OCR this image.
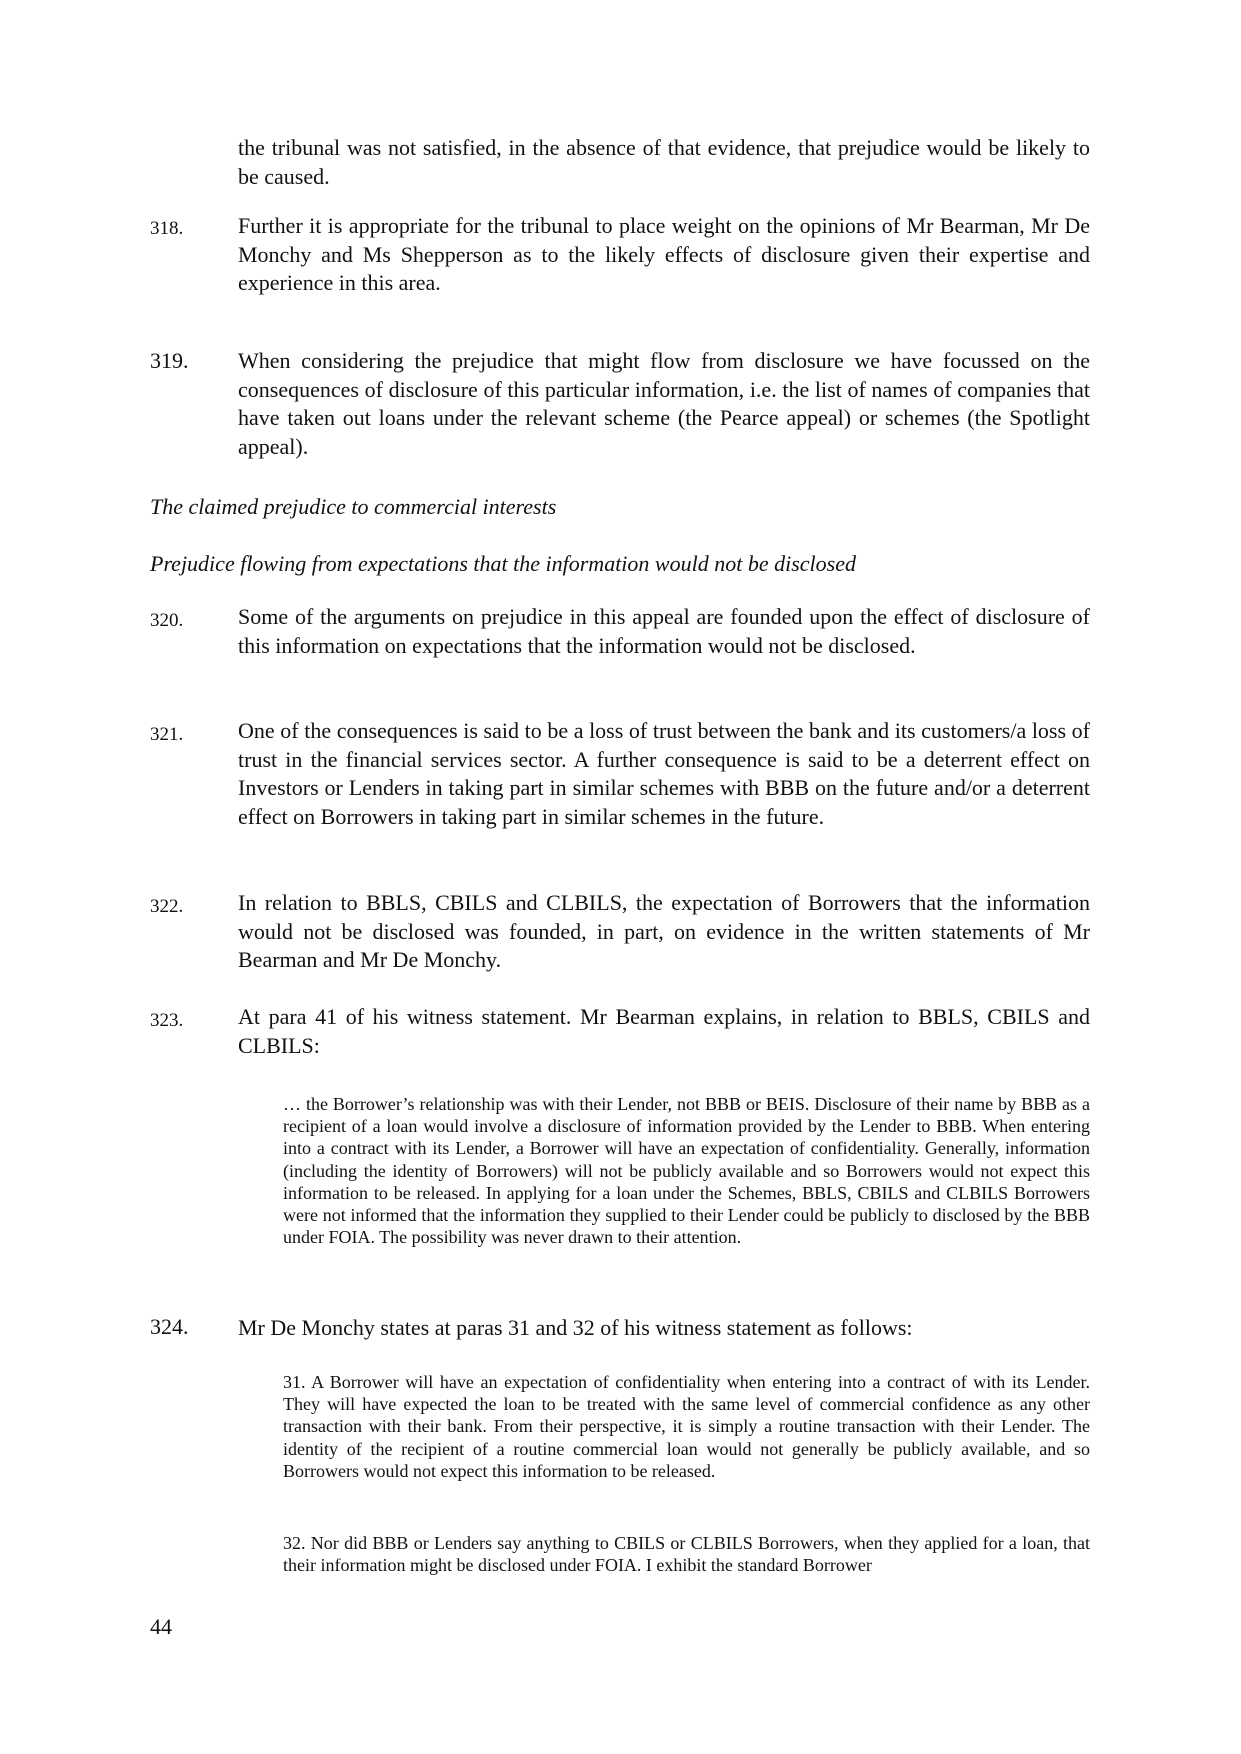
the tribunal was not satisfied, in the absence of that evidence, that prejudice would be likely to be caused.
318. Further it is appropriate for the tribunal to place weight on the opinions of Mr Bearman, Mr De Monchy and Ms Shepperson as to the likely effects of disclosure given their expertise and experience in this area.
319. When considering the prejudice that might flow from disclosure we have focussed on the consequences of disclosure of this particular information, i.e. the list of names of companies that have taken out loans under the relevant scheme (the Pearce appeal) or schemes (the Spotlight appeal).
The claimed prejudice to commercial interests
Prejudice flowing from expectations that the information would not be disclosed
320. Some of the arguments on prejudice in this appeal are founded upon the effect of disclosure of this information on expectations that the information would not be disclosed.
321. One of the consequences is said to be a loss of trust between the bank and its customers/a loss of trust in the financial services sector. A further consequence is said to be a deterrent effect on Investors or Lenders in taking part in similar schemes with BBB on the future and/or a deterrent effect on Borrowers in taking part in similar schemes in the future.
322. In relation to BBLS, CBILS and CLBILS, the expectation of Borrowers that the information would not be disclosed was founded, in part, on evidence in the written statements of Mr Bearman and Mr De Monchy.
323. At para 41 of his witness statement. Mr Bearman explains, in relation to BBLS, CBILS and CLBILS:
… the Borrower’s relationship was with their Lender, not BBB or BEIS. Disclosure of their name by BBB as a recipient of a loan would involve a disclosure of information provided by the Lender to BBB. When entering into a contract with its Lender, a Borrower will have an expectation of confidentiality. Generally, information (including the identity of Borrowers) will not be publicly available and so Borrowers would not expect this information to be released. In applying for a loan under the Schemes, BBLS, CBILS and CLBILS Borrowers were not informed that the information they supplied to their Lender could be publicly to disclosed by the BBB under FOIA. The possibility was never drawn to their attention.
324. Mr De Monchy states at paras 31 and 32 of his witness statement as follows:
31. A Borrower will have an expectation of confidentiality when entering into a contract of with its Lender. They will have expected the loan to be treated with the same level of commercial confidence as any other transaction with their bank. From their perspective, it is simply a routine transaction with their Lender. The identity of the recipient of a routine commercial loan would not generally be publicly available, and so Borrowers would not expect this information to be released.
32. Nor did BBB or Lenders say anything to CBILS or CLBILS Borrowers, when they applied for a loan, that their information might be disclosed under FOIA. I exhibit the standard Borrower
44
